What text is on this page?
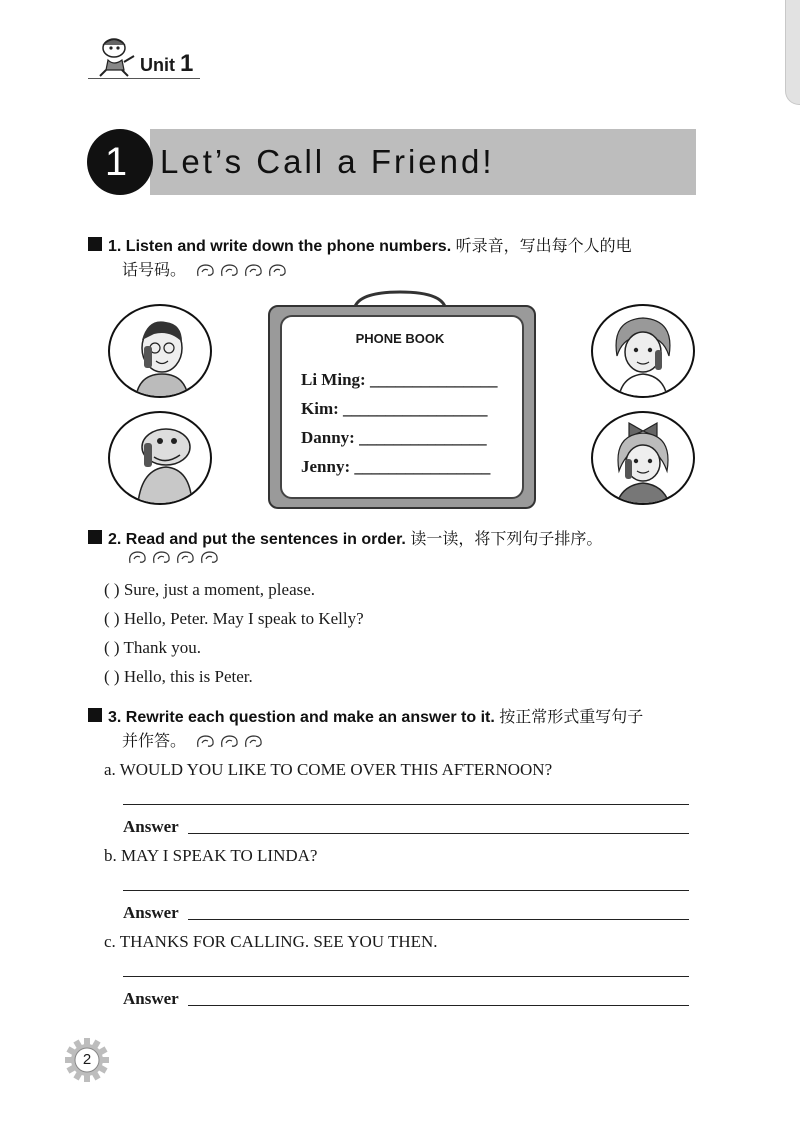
Unit 1
1 Let’s Call a Friend!
1. Listen and write down the phone numbers. 听录音，写出每个人的电
话号码。
PHONE BOOK
Li Ming: _______________
Kim: _________________
Danny: _______________
Jenny: ________________
2. Read and put the sentences in order. 读一读，将下列句子排序。
( ) Sure, just a moment, please.
( ) Hello, Peter. May I speak to Kelly?
( ) Thank you.
( ) Hello, this is Peter.
3. Rewrite each question and make an answer to it. 按正常形式重写句子
并作答。
a. WOULD YOU LIKE TO COME OVER THIS AFTERNOON?
Answer
b. MAY I SPEAK TO LINDA?
Answer
c. THANKS FOR CALLING. SEE YOU THEN.
Answer
2
